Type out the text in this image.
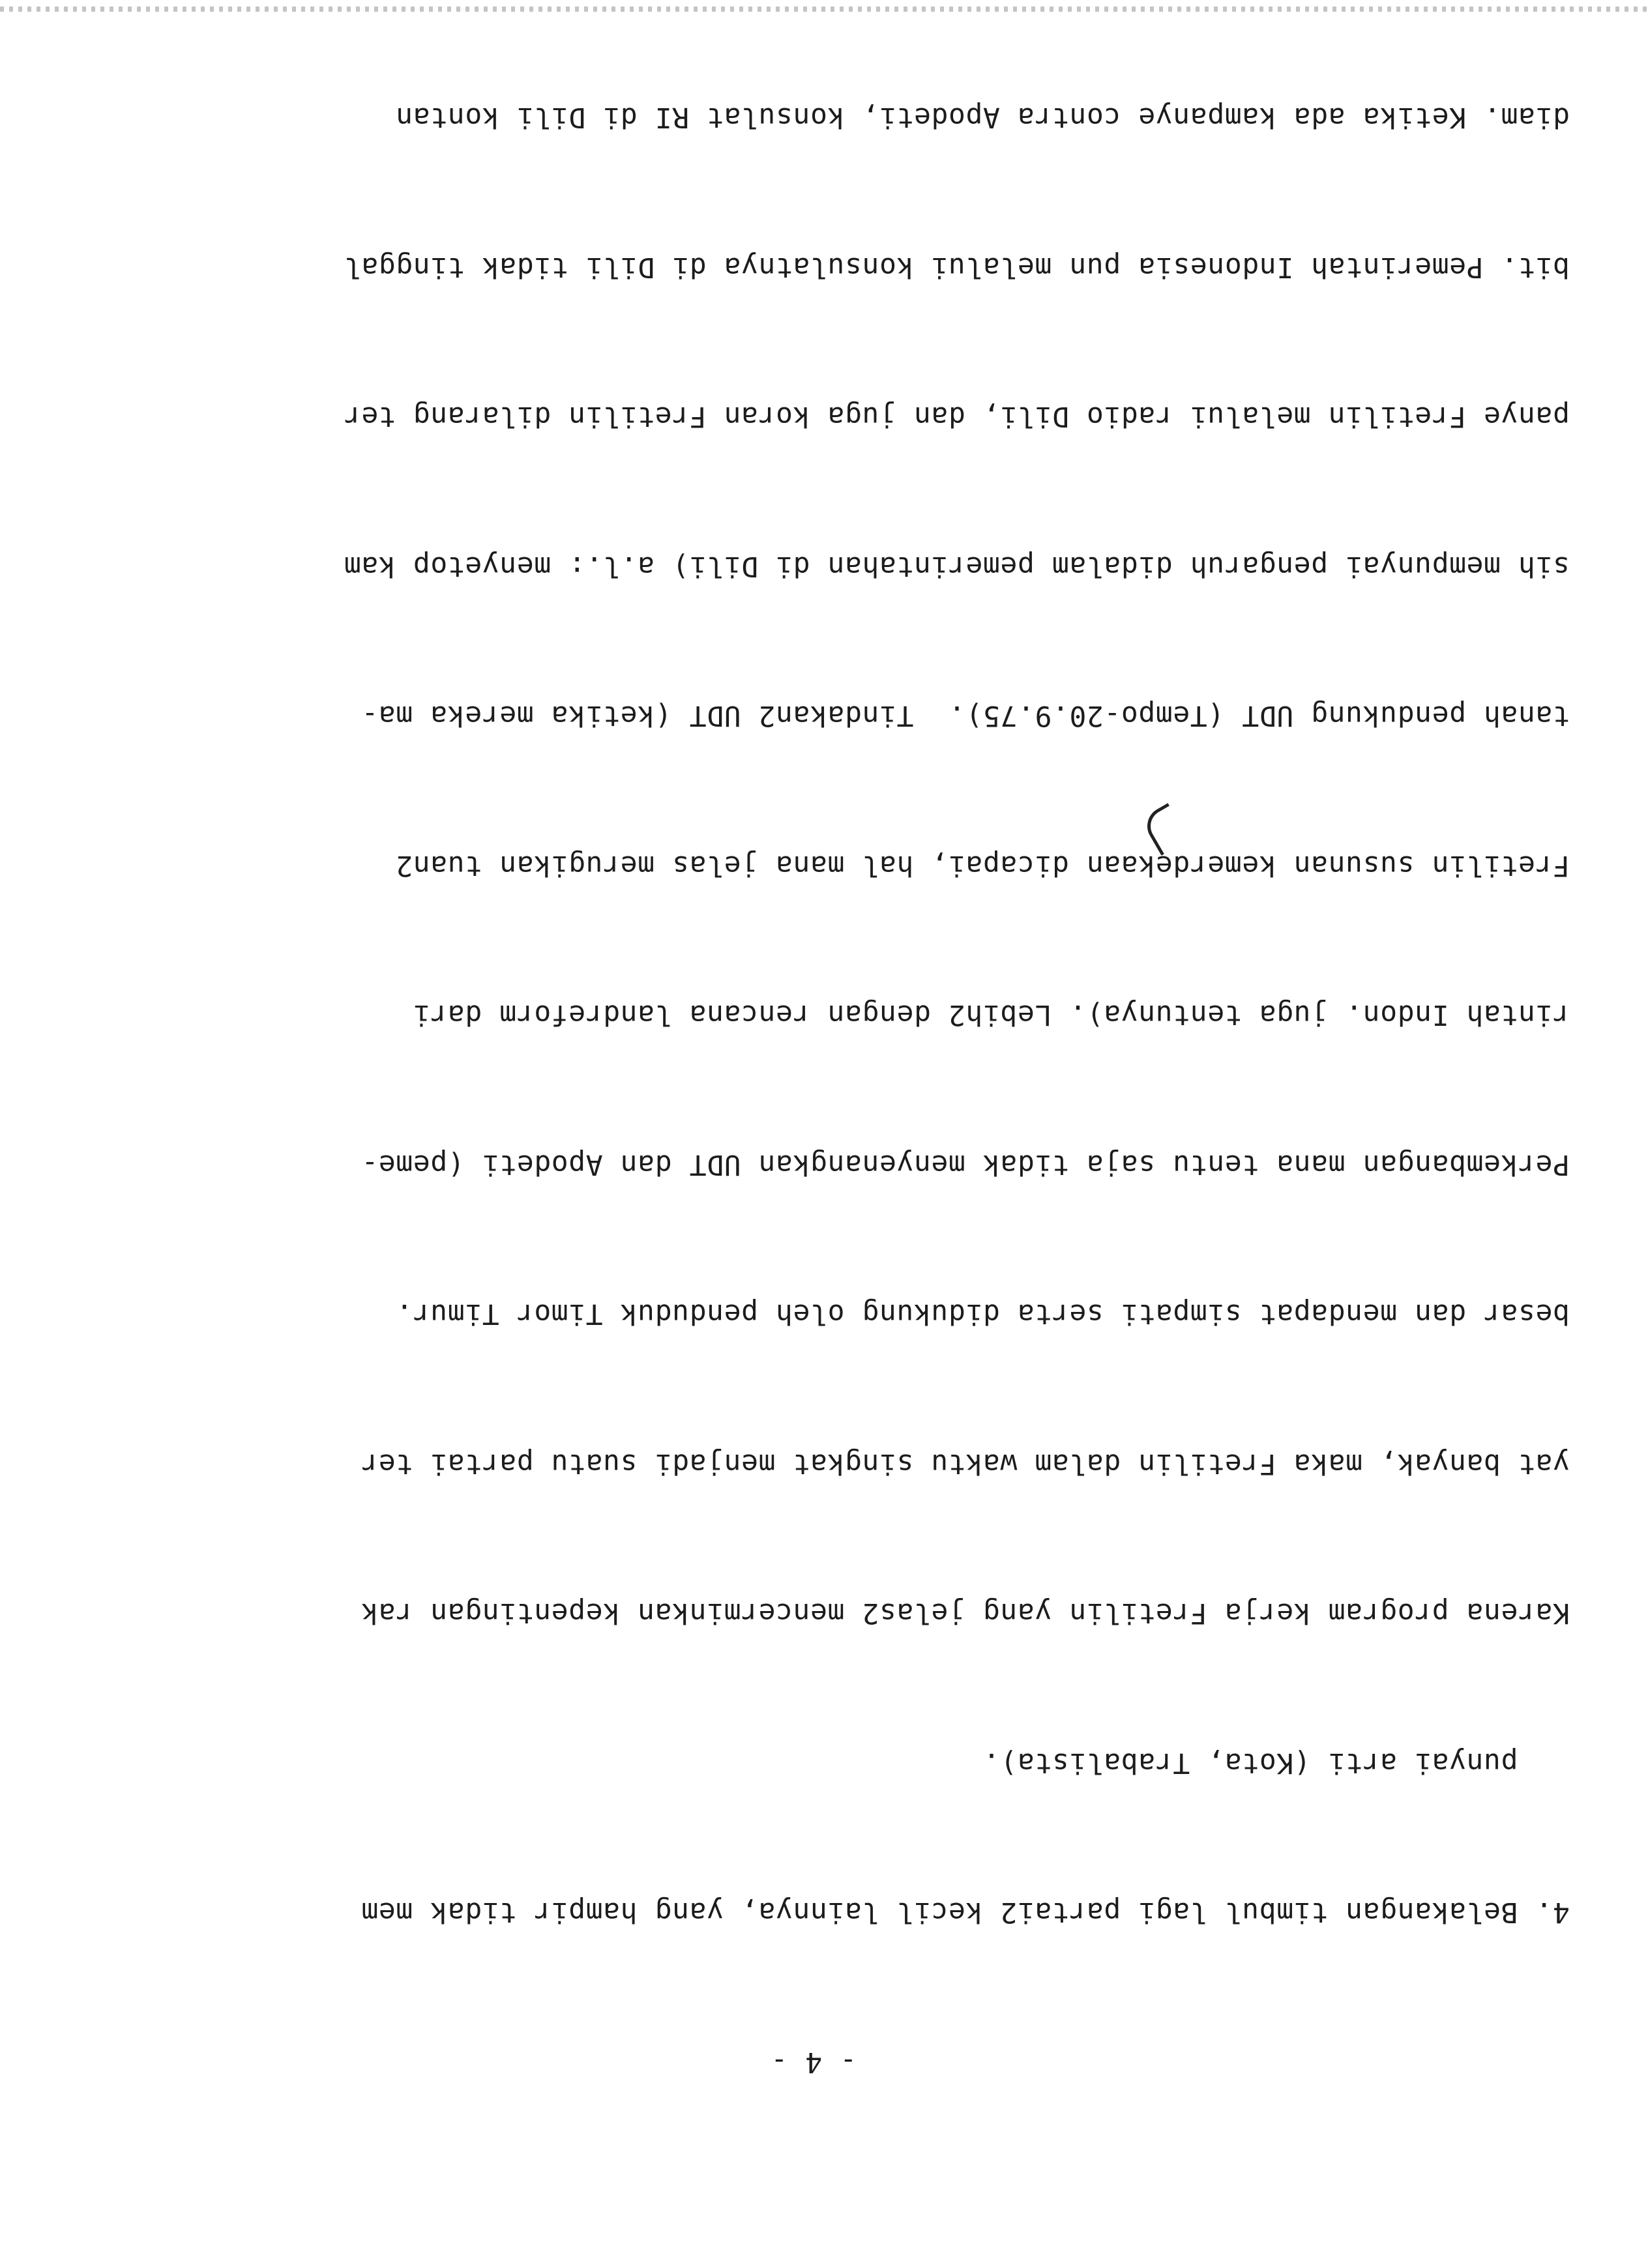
- 4 -

4. Belakangan timbul lagi partai2 kecil lainnya, yang hampir tidak mem

punyai arti (Kota, Trabalista).

Karena program kerja Fretilin yang jelas2 mencerminkan kepentingan rak

yat banyak, maka Fretilin dalam waktu singkat menjadi suatu partai ter

besar dan mendapat simpati serta didukung oleh penduduk Timor Timur.

Perkembangan mana tentu saja tidak menyenangkan UDT dan Apodeti (peme-

rintah Indon. juga tentunya). Lebih2 dengan rencana landreform dari

Fretilin susunan kemerdekaan dicapai, hal mana jelas merugikan tuan2

tanah pendukung UDT (Tempo-20.9.75).  Tindakan2 UDT (ketika mereka ma-

sih mempunyai pengaruh didalam pemerintahan di Dili) a.l.: menyetop kam

panye Fretilin melalui radio Dili, dan juga koran Fretilin dilarang ter

bit. Pemerintah Indonesia pun melalui konsulatnya di Dili tidak tinggal

diam. Ketika ada kampanye contra Apodeti, konsulat RI di Dili kontan
